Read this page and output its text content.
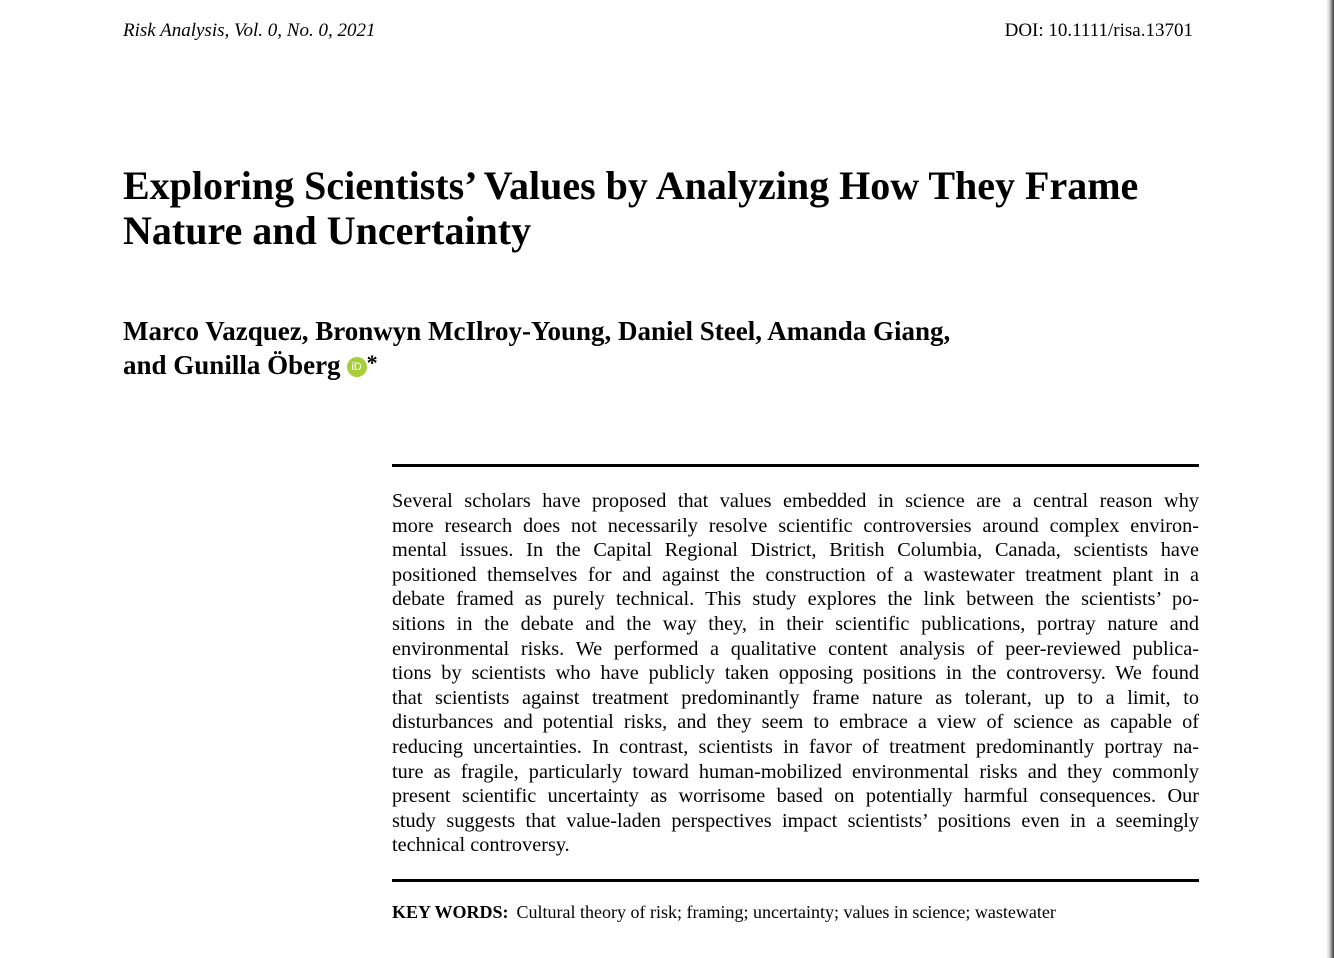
Risk Analysis, Vol. 0, No. 0, 2021	DOI: 10.1111/risa.13701
Exploring Scientists’ Values by Analyzing How They Frame
Nature and Uncertainty
Marco Vazquez, Bronwyn McIlroy-Young, Daniel Steel, Amanda Giang,
and Gunilla Öberg iD *
Several scholars have proposed that values embedded in science are a central reason why
more research does not necessarily resolve scientific controversies around complex environ-
mental issues. In the Capital Regional District, British Columbia, Canada, scientists have
positioned themselves for and against the construction of a wastewater treatment plant in a
debate framed as purely technical. This study explores the link between the scientists’ po-
sitions in the debate and the way they, in their scientific publications, portray nature and
environmental risks. We performed a qualitative content analysis of peer-reviewed publica-
tions by scientists who have publicly taken opposing positions in the controversy. We found
that scientists against treatment predominantly frame nature as tolerant, up to a limit, to
disturbances and potential risks, and they seem to embrace a view of science as capable of
reducing uncertainties. In contrast, scientists in favor of treatment predominantly portray na-
ture as fragile, particularly toward human-mobilized environmental risks and they commonly
present scientific uncertainty as worrisome based on potentially harmful consequences. Our
study suggests that value-laden perspectives impact scientists’ positions even in a seemingly
technical controversy.
KEY WORDS: Cultural theory of risk; framing; uncertainty; values in science; wastewater
